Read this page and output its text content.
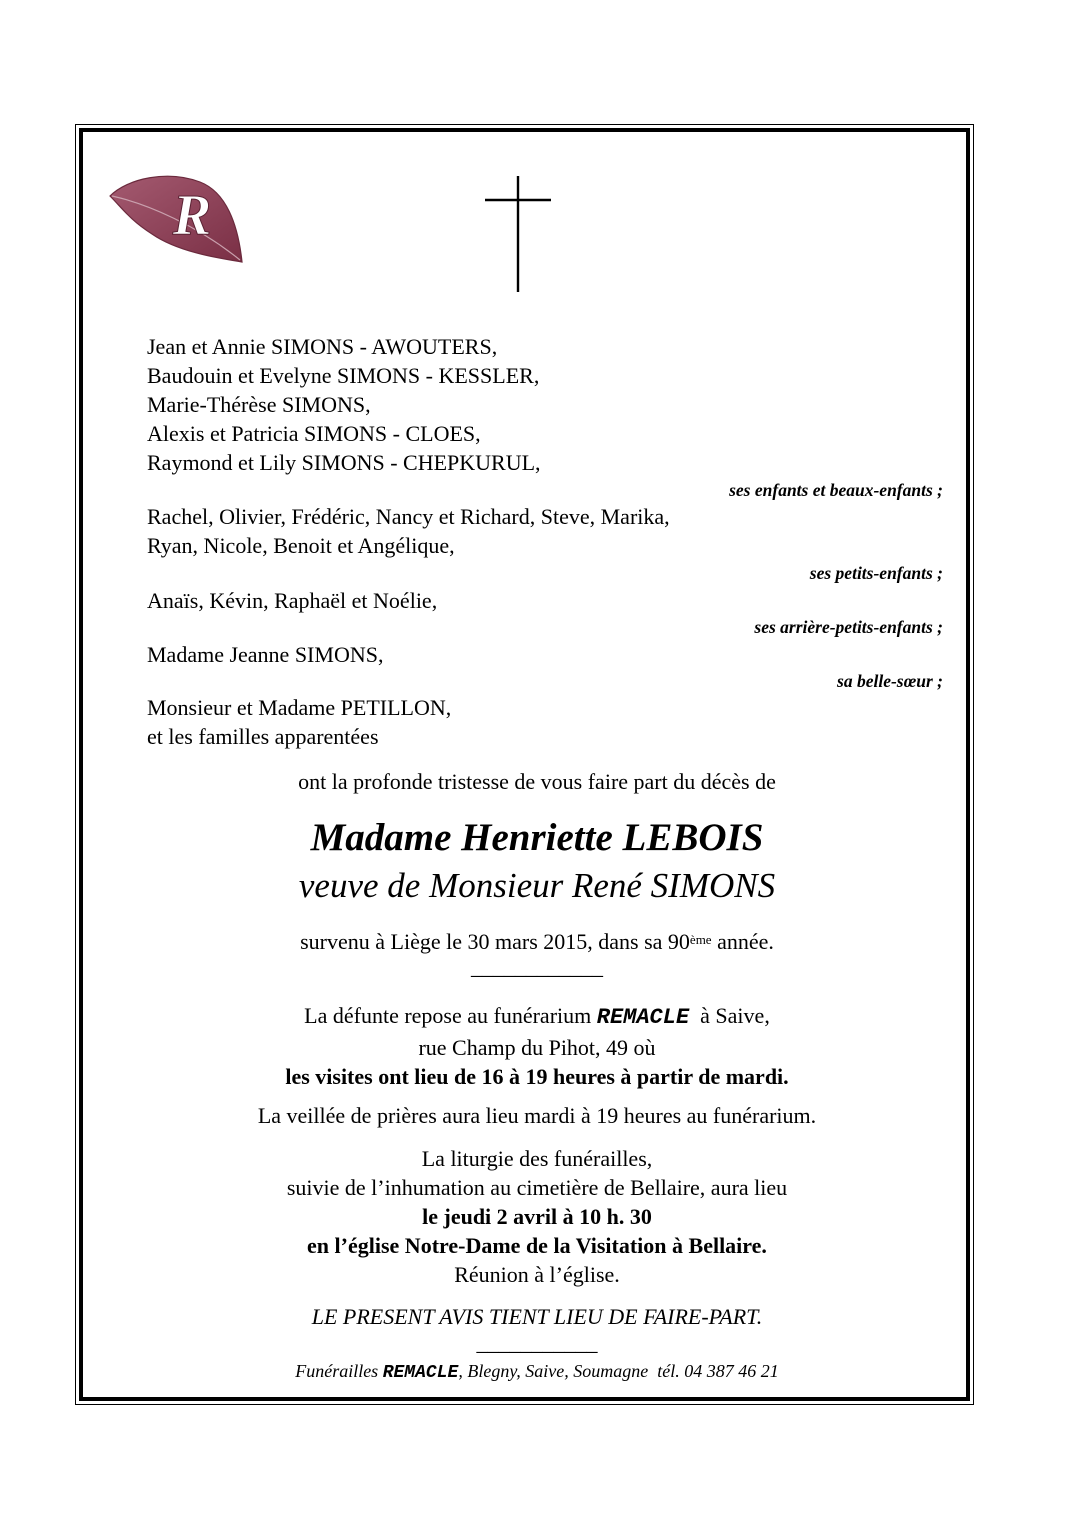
R
Jean et Annie SIMONS - AWOUTERS,
Baudouin et Evelyne SIMONS - KESSLER,
Marie-Thérèse SIMONS,
Alexis et Patricia SIMONS - CLOES,
Raymond et Lily SIMONS - CHEPKURUL,
ses enfants et beaux-enfants ;
Rachel, Olivier, Frédéric, Nancy et Richard, Steve, Marika,
Ryan, Nicole, Benoit et Angélique,
ses petits-enfants ;
Anaïs, Kévin, Raphaël et Noélie,
ses arrière-petits-enfants ;
Madame Jeanne SIMONS,
sa belle-sœur ;
Monsieur et Madame PETILLON,
et les familles apparentées
ont la profonde tristesse de vous faire part du décès de
Madame Henriette LEBOIS
veuve de Monsieur René SIMONS
survenu à Liège le 30 mars 2015, dans sa 90ème année.
____________
La défunte repose au funérarium REMACLE  à Saive,
rue Champ du Pihot, 49 où
les visites ont lieu de 16 à 19 heures à partir de mardi.
La veillée de prières aura lieu mardi à 19 heures au funérarium.
La liturgie des funérailles,
suivie de l’inhumation au cimetière de Bellaire, aura lieu
le jeudi 2 avril à 10 h. 30
en l’église Notre-Dame de la Visitation à Bellaire.
Réunion à l’église.
LE PRESENT AVIS TIENT LIEU DE FAIRE-PART.
___________
Funérailles REMACLE, Blegny, Saive, Soumagne  tél. 04 387 46 21
